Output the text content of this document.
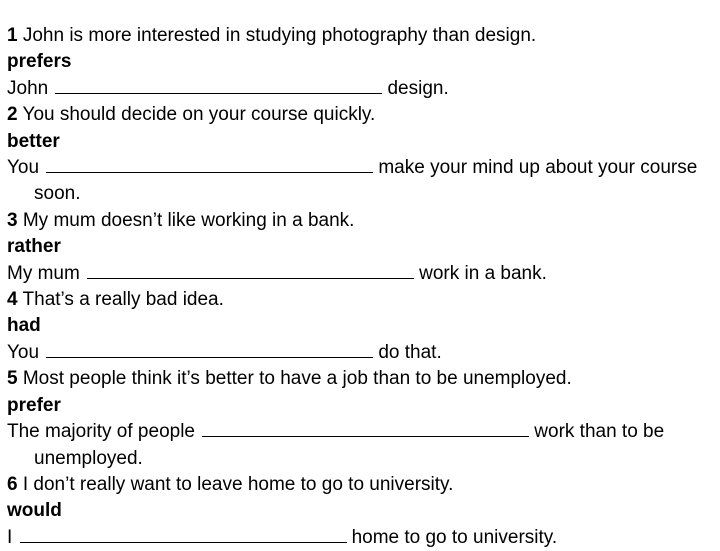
1 John is more interested in studying photography than design.
prefers
John	design.
2 You should decide on your course quickly.
better
You	make your mind up about your course soon.
3 My mum doesn’t like working in a bank.
rather
My mum	work in a bank.
4 That’s a really bad idea.
had
You	do that.
5 Most people think it’s better to have a job than to be unemployed.
prefer
The majority of people	work than to be unemployed.
6 I don’t really want to leave home to go to university.
would
I	home to go to university.
